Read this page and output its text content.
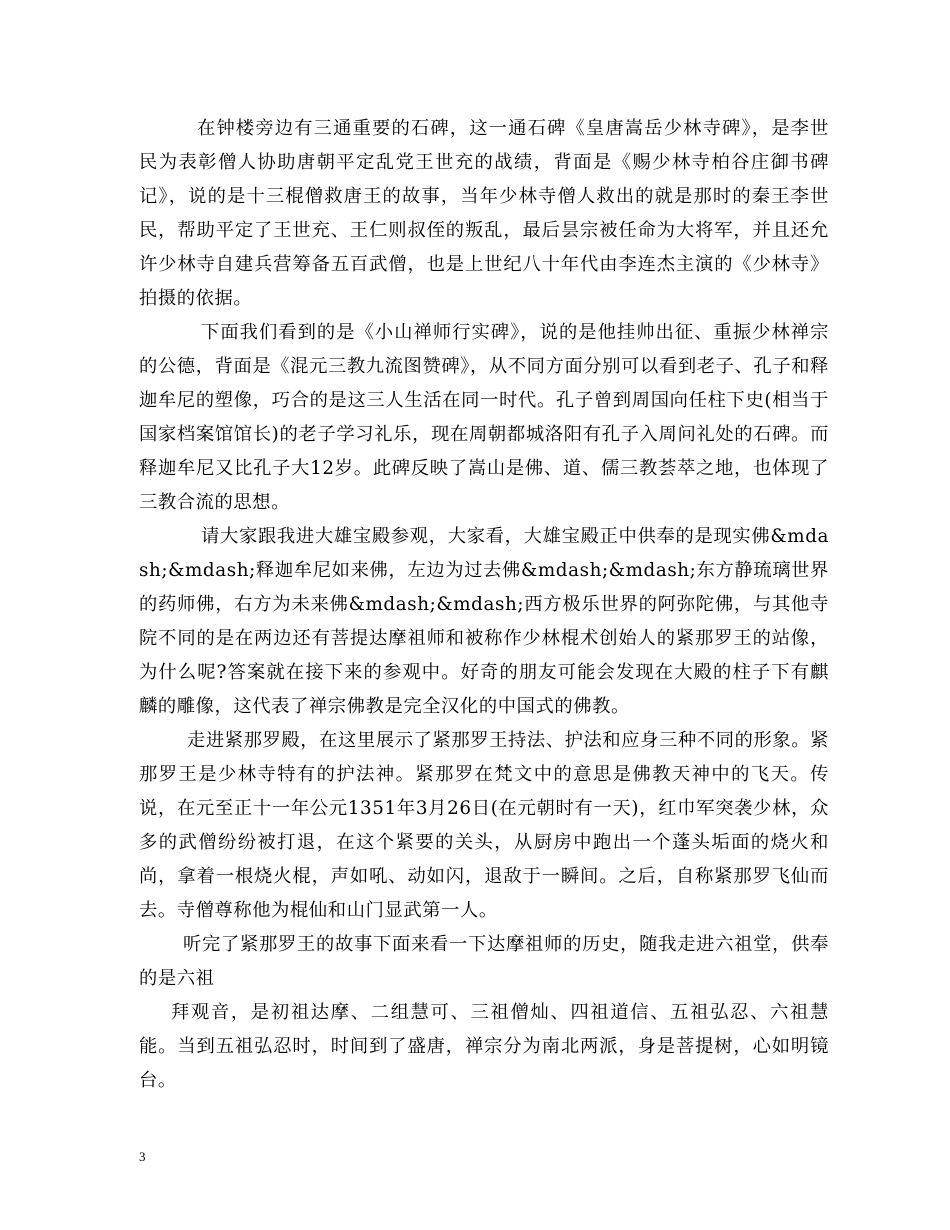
在钟楼旁边有三通重要的石碑，这一通石碑《皇唐嵩岳少林寺碑》，是李世民为表彰僧人协助唐朝平定乱党王世充的战绩，背面是《赐少林寺柏谷庄御书碑记》，说的是十三棍僧救唐王的故事，当年少林寺僧人救出的就是那时的秦王李世民，帮助平定了王世充、王仁则叔侄的叛乱，最后昙宗被任命为大将军，并且还允许少林寺自建兵营筹备五百武僧，也是上世纪八十年代由李连杰主演的《少林寺》拍摄的依据。

下面我们看到的是《小山禅师行实碑》，说的是他挂帅出征、重振少林禅宗的公德，背面是《混元三教九流图赞碑》，从不同方面分别可以看到老子、孔子和释迦牟尼的塑像，巧合的是这三人生活在同一时代。孔子曾到周国向任柱下史(相当于国家档案馆馆长)的老子学习礼乐，现在周朝都城洛阳有孔子入周问礼处的石碑。而释迦牟尼又比孔子大12岁。此碑反映了嵩山是佛、道、儒三教荟萃之地，也体现了三教合流的思想。

请大家跟我进大雄宝殿参观，大家看，大雄宝殿正中供奉的是现实佛&mdash;&mdash;释迦牟尼如来佛，左边为过去佛&mdash;&mdash;东方静琉璃世界的药师佛，右方为未来佛&mdash;&mdash;西方极乐世界的阿弥陀佛，与其他寺院不同的是在两边还有菩提达摩祖师和被称作少林棍术创始人的紧那罗王的站像，为什么呢?答案就在接下来的参观中。好奇的朋友可能会发现在大殿的柱子下有麒麟的雕像，这代表了禅宗佛教是完全汉化的中国式的佛教。

走进紧那罗殿，在这里展示了紧那罗王持法、护法和应身三种不同的形象。紧那罗王是少林寺特有的护法神。紧那罗在梵文中的意思是佛教天神中的飞天。传说，在元至正十一年公元1351年3月26日(在元朝时有一天)，红巾军突袭少林，众多的武僧纷纷被打退，在这个紧要的关头，从厨房中跑出一个蓬头垢面的烧火和尚，拿着一根烧火棍，声如吼、动如闪，退敌于一瞬间。之后，自称紧那罗飞仙而去。寺僧尊称他为棍仙和山门显武第一人。

听完了紧那罗王的故事下面来看一下达摩祖师的历史，随我走进六祖堂，供奉的是六祖

拜观音，是初祖达摩、二组慧可、三祖僧灿、四祖道信、五祖弘忍、六祖慧能。当到五祖弘忍时，时间到了盛唐，禅宗分为南北两派，身是菩提树，心如明镜台。

3
